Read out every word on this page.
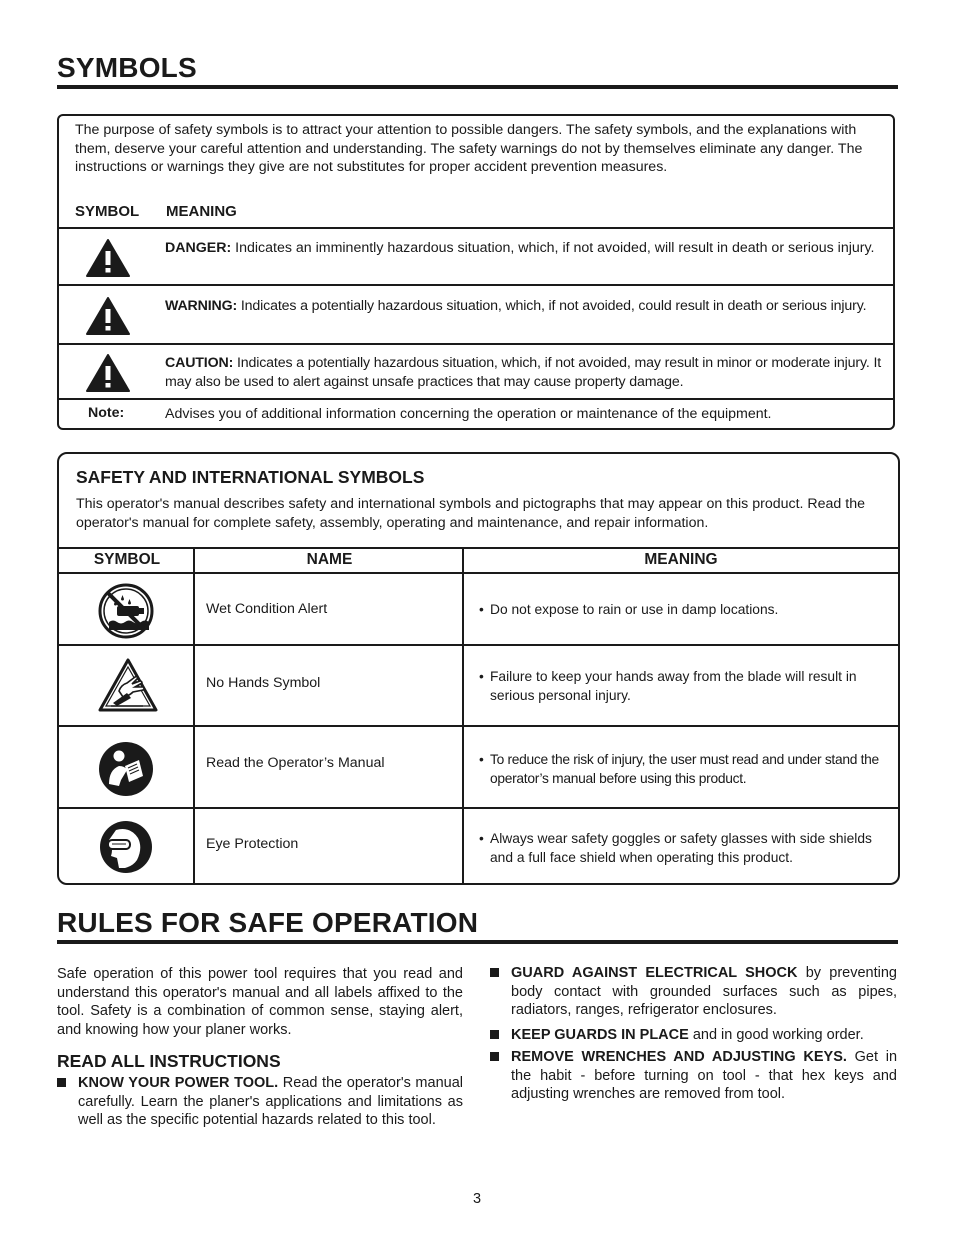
SYMBOLS
The purpose of safety symbols is to attract your attention to possible dangers. The safety symbols, and the explanations with them, deserve your careful attention and understanding. The safety warnings do not by themselves eliminate any danger. The instructions or warnings they give are not substitutes for proper accident prevention measures.
SYMBOL MEANING
DANGER: Indicates an imminently hazardous situation, which, if not avoided, will result in death or serious injury.
WARNING: Indicates a potentially hazardous situation, which, if not avoided, could result in death or serious injury.
CAUTION: Indicates a potentially hazardous situation, which, if not avoided, may result in minor or moderate injury. It may also be used to alert against unsafe practices that may cause property damage.
Note:	Advises you of additional information concerning the operation or maintenance of the equipment.
SAFETY AND INTERNATIONAL SYMBOLS
This operator's manual describes safety and international symbols and pictographs that may appear on this product. Read the operator's manual for complete safety, assembly, operating and maintenance, and repair information.
SYMBOL	NAME	MEANING
Wet Condition Alert	• Do not expose to rain or use in damp locations.
No Hands Symbol	• Failure to keep your hands away from the blade will result in serious personal injury.
Read the Operator’s Manual	• To reduce the risk of injury, the user must read and under stand the operator’s manual before using this product.
Eye Protection	• Always wear safety goggles or safety glasses with side shields and a full face shield when operating this product.
RULES FOR SAFE OPERATION
Safe operation of this power tool requires that you read and understand this operator's manual and all labels affixed to the tool. Safety is a combination of common sense, staying alert, and knowing how your planer works.
READ ALL INSTRUCTIONS
KNOW YOUR POWER TOOL. Read the operator's manual carefully. Learn the planer's applications and limitations as well as the specific potential hazards related to this tool.
GUARD AGAINST ELECTRICAL SHOCK by preventing body contact with grounded surfaces such as pipes, radiators, ranges, refrigerator enclosures.
KEEP GUARDS IN PLACE and in good working order.
REMOVE WRENCHES AND ADJUSTING KEYS. Get in the habit - before turning on tool - that hex keys and adjusting wrenches are removed from tool.
3
